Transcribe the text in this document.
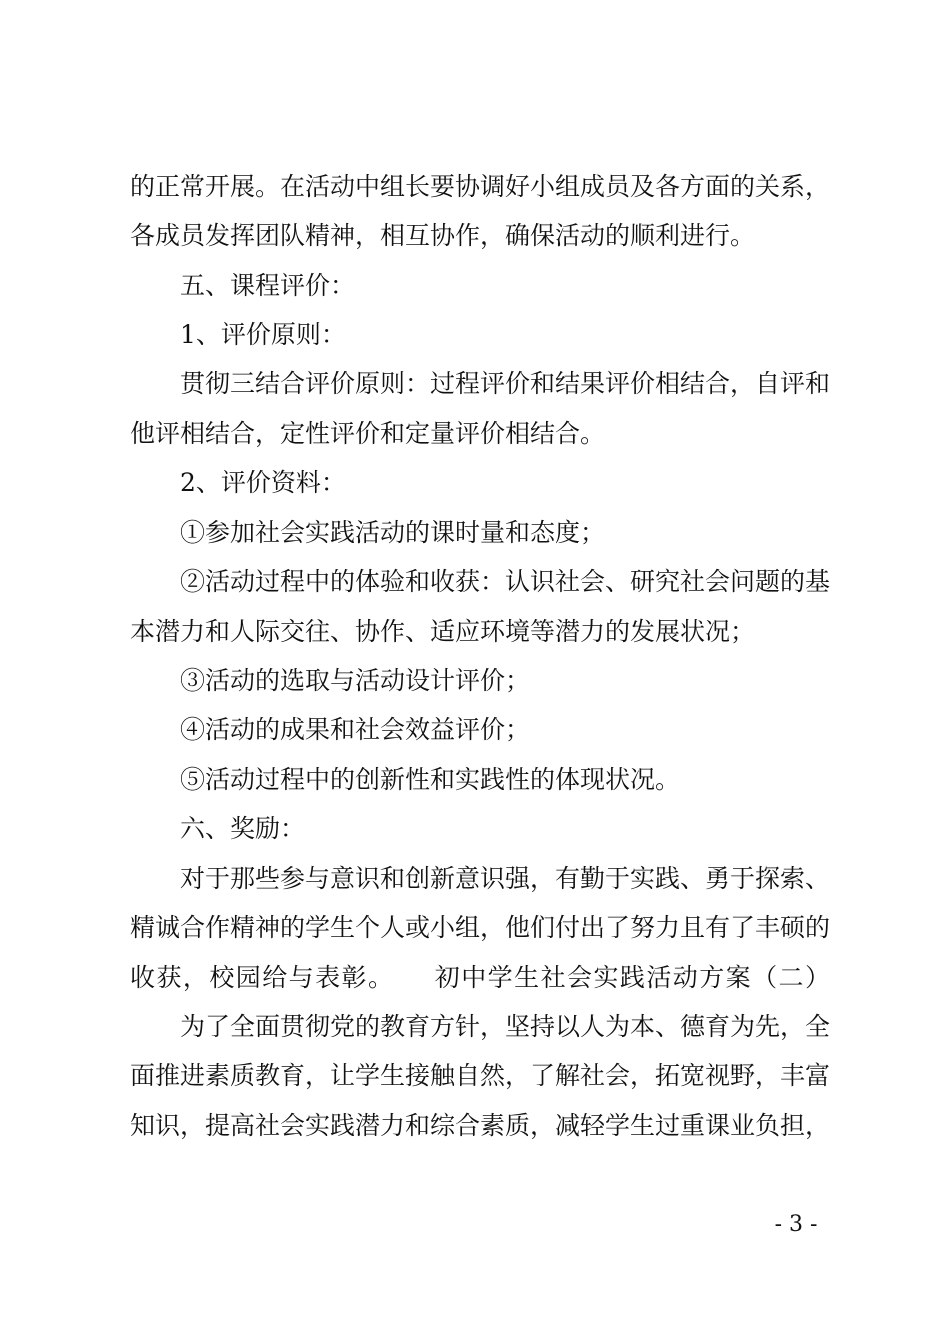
的正常开展。在活动中组长要协调好小组成员及各方面的关系，
各成员发挥团队精神，相互协作，确保活动的顺利进行。
五、课程评价：
1、评价原则：
贯彻三结合评价原则：过程评价和结果评价相结合，自评和
他评相结合，定性评价和定量评价相结合。
2、评价资料：
①参加社会实践活动的课时量和态度；
②活动过程中的体验和收获：认识社会、研究社会问题的基
本潜力和人际交往、协作、适应环境等潜力的发展状况；
③活动的选取与活动设计评价；
④活动的成果和社会效益评价；
⑤活动过程中的创新性和实践性的体现状况。
六、奖励：
对于那些参与意识和创新意识强，有勤于实践、勇于探索、
精诚合作精神的学生个人或小组，他们付出了努力且有了丰硕的
收获，校园给与表彰。　　初中学生社会实践活动方案（二）
为了全面贯彻党的教育方针，坚持以人为本、德育为先，全
面推进素质教育，让学生接触自然，了解社会，拓宽视野，丰富
知识，提高社会实践潜力和综合素质，减轻学生过重课业负担，
- 3 -
